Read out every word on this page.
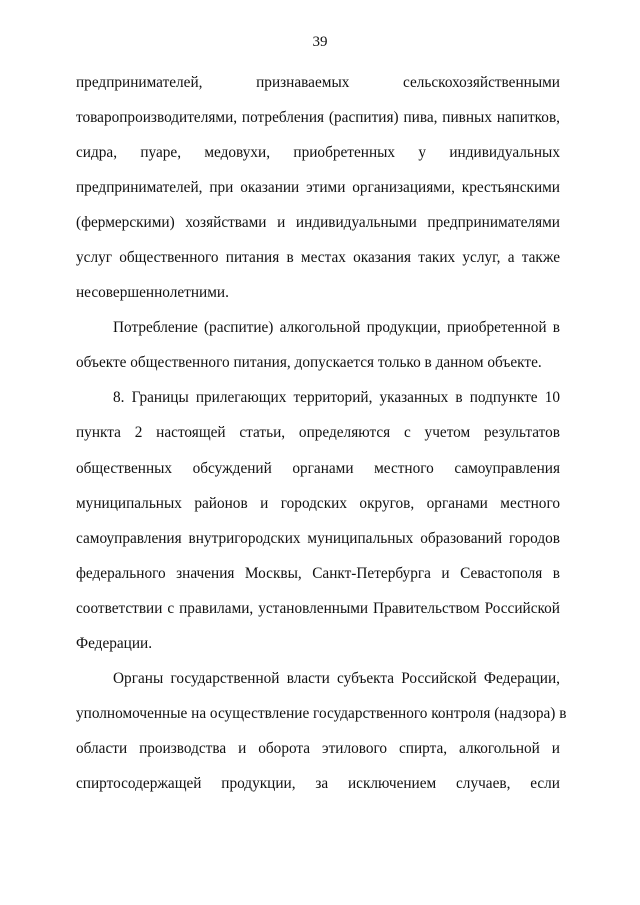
39
предпринимателей, признаваемых сельскохозяйственными
товаропроизводителями, потребления (распития) пива, пивных напитков,
сидра, пуаре, медовухи, приобретенных у индивидуальных
предпринимателей, при оказании этими организациями, крестьянскими
(фермерскими) хозяйствами и индивидуальными предпринимателями
услуг общественного питания в местах оказания таких услуг, а также
несовершеннолетними.
Потребление (распитие) алкогольной продукции, приобретенной в
объекте общественного питания, допускается только в данном объекте.
8. Границы прилегающих территорий, указанных в подпункте 10
пункта 2 настоящей статьи, определяются с учетом результатов
общественных обсуждений органами местного самоуправления
муниципальных районов и городских округов, органами местного
самоуправления внутригородских муниципальных образований городов
федерального значения Москвы, Санкт-Петербурга и Севастополя в
соответствии с правилами, установленными Правительством Российской
Федерации.
Органы государственной власти субъекта Российской Федерации,
уполномоченные на осуществление государственного контроля (надзора) в
области производства и оборота этилового спирта, алкогольной и
спиртосодержащей продукции, за исключением случаев, если
